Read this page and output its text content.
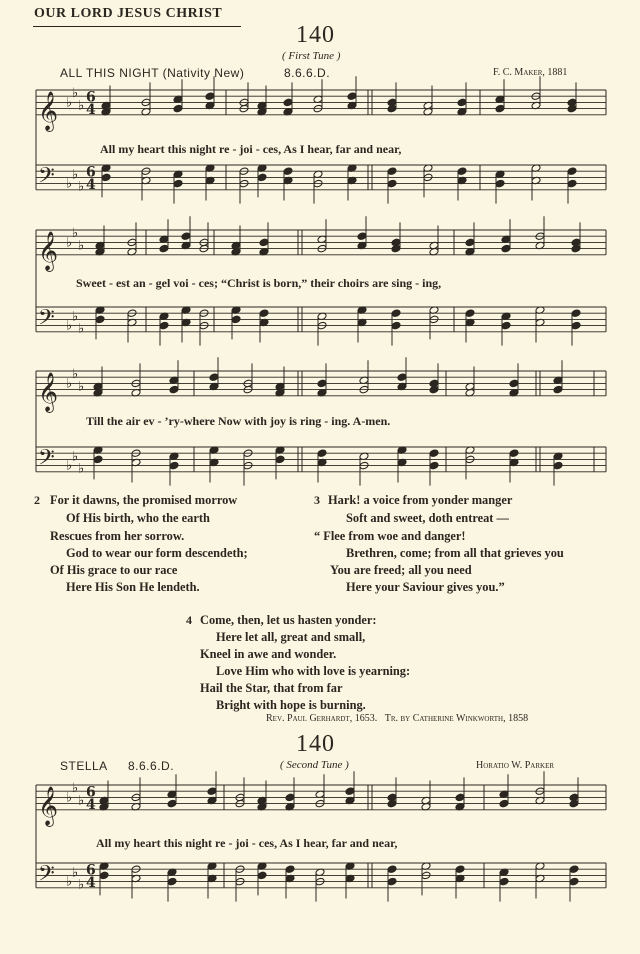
OUR LORD JESUS CHRIST
140
( First Tune )
ALL THIS NIGHT (Nativity New)	8.6.6.D.	F. C. Maker, 1881
𝄞 ♭
♭
♭
𝄢 ♭
♭
♭
6
4
6
4
𝄞 ♭
♭
♭
𝄢 ♭
♭
♭
𝄞 ♭
♭
♭
𝄢 ♭
♭
♭
𝄞 ♭
♭
♭
𝄢 ♭
♭
♭
6
4
6
4
All my heart this night re - joi - ces, As I hear, far and near,
Sweet - est an - gel voi - ces; “Christ is born,” their choirs are sing - ing,
Till the air ev - ’ry-where Now with joy is ring - ing. A-men.
2 For it dawns, the promised morrow
Of His birth, who the earth
Rescues from her sorrow.
God to wear our form descendeth;
Of His grace to our race
Here His Son He lendeth.
3 Hark! a voice from yonder manger
Soft and sweet, doth entreat —
“ Flee from woe and danger!
Brethren, come; from all that grieves you
You are freed; all you need
Here your Saviour gives you.”
4 Come, then, let us hasten yonder:
Here let all, great and small,
Kneel in awe and wonder.
Love Him who with love is yearning:
Hail the Star, that from far
Bright with hope is burning.
Rev. Paul Gerhardt, 1653. Tr. by Catherine Winkworth, 1858
140
( Second Tune )
STELLA 8.6.6.D.	Horatio W. Parker
All my heart this night re - joi - ces, As I hear, far and near,
